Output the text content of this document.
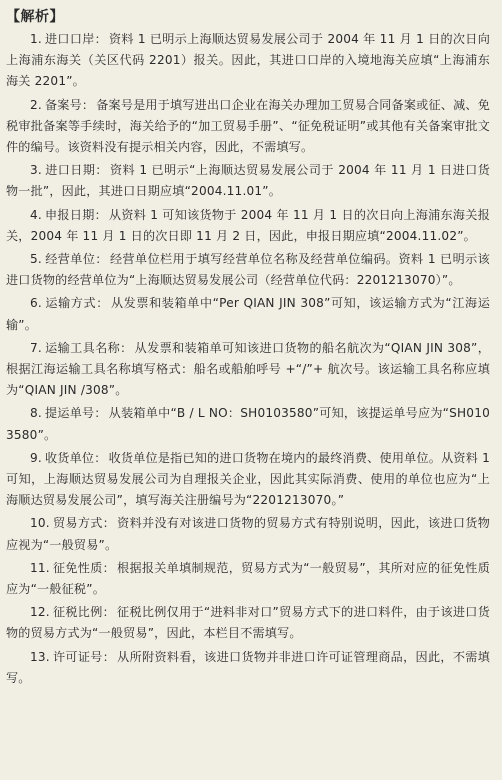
【解析】

1. 进口口岸： 资料 1 已明示上海顺达贸易发展公司于 2004 年 11 月 1 日的次日向上海浦东海关（关区代码 2201）报关。因此，其进口口岸的入境地海关应填“上海浦东海关 2201”。

2. 备案号： 备案号是用于填写进出口企业在海关办理加工贸易合同备案或征、减、免税审批备案等手续时，海关给予的“加工贸易手册”、“征免税证明”或其他有关备案审批文件的编号。该资料没有提示相关内容，因此，不需填写。

3. 进口日期： 资料 1 已明示“上海顺达贸易发展公司于 2004 年 11 月 1 日进口货物一批”，因此，其进口日期应填“2004.11.01”。

4. 申报日期： 从资料 1 可知该货物于 2004 年 11 月 1 日的次日向上海浦东海关报关，2004 年 11 月 1 日的次日即 11 月 2 日，因此，申报日期应填“2004.11.02”。

5. 经营单位： 经营单位栏用于填写经营单位名称及经营单位编码。资料 1 已明示该进口货物的经营单位为“上海顺达贸易发展公司（经营单位代码：2201213070）”。

6. 运输方式： 从发票和装箱单中“Per QIAN JIN 308”可知，该运输方式为“江海运输”。

7. 运输工具名称： 从发票和装箱单可知该进口货物的船名航次为“QIAN JIN 308”，根据江海运输工具名称填写格式：船名或船舶呼号 +“/”+ 航次号。该运输工具名称应填为“QIAN JIN /308”。

8. 提运单号： 从装箱单中“B / L NO：SH0103580”可知，该提运单号应为“SH0103580”。

9. 收货单位： 收货单位是指已知的进口货物在境内的最终消费、使用单位。从资料 1 可知，上海顺达贸易发展公司为自理报关企业，因此其实际消费、使用的单位也应为“上海顺达贸易发展公司”，填写海关注册编号为“2201213070。”

10. 贸易方式： 资料并没有对该进口货物的贸易方式有特别说明，因此，该进口货物应视为“一般贸易”。

11. 征免性质： 根据报关单填制规范，贸易方式为“一般贸易”，其所对应的征免性质应为“一般征税”。

12. 征税比例： 征税比例仅用于“进料非对口”贸易方式下的进口料件，由于该进口货物的贸易方式为“一般贸易”，因此，本栏目不需填写。

13. 许可证号： 从所附资料看，该进口货物并非进口许可证管理商品，因此，不需填写。
